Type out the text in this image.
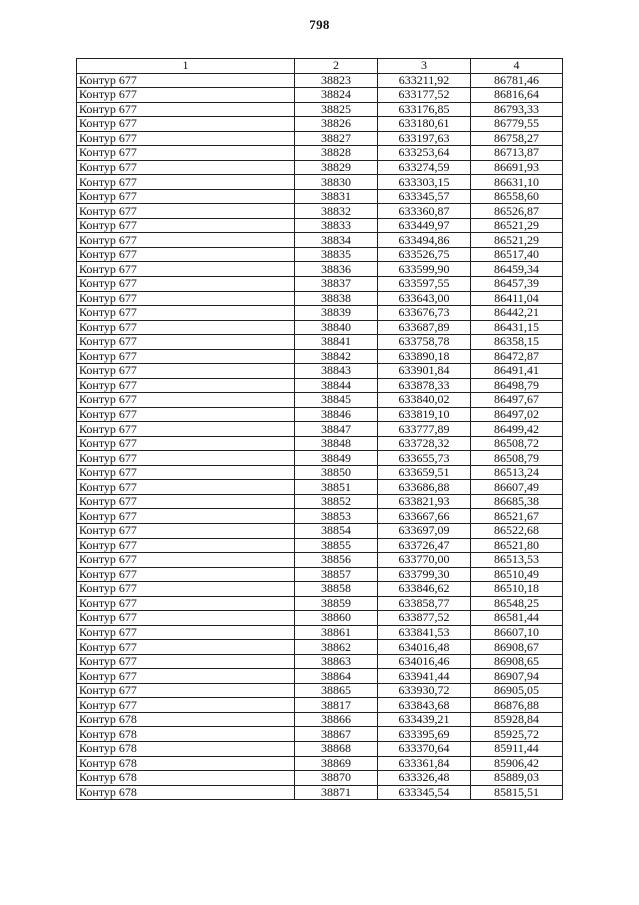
798
1	2	3	4
Контур 677	38823	633211,92	86781,46
Контур 677	38824	633177,52	86816,64
Контур 677	38825	633176,85	86793,33
Контур 677	38826	633180,61	86779,55
Контур 677	38827	633197,63	86758,27
Контур 677	38828	633253,64	86713,87
Контур 677	38829	633274,59	86691,93
Контур 677	38830	633303,15	86631,10
Контур 677	38831	633345,57	86558,60
Контур 677	38832	633360,87	86526,87
Контур 677	38833	633449,97	86521,29
Контур 677	38834	633494,86	86521,29
Контур 677	38835	633526,75	86517,40
Контур 677	38836	633599,90	86459,34
Контур 677	38837	633597,55	86457,39
Контур 677	38838	633643,00	86411,04
Контур 677	38839	633676,73	86442,21
Контур 677	38840	633687,89	86431,15
Контур 677	38841	633758,78	86358,15
Контур 677	38842	633890,18	86472,87
Контур 677	38843	633901,84	86491,41
Контур 677	38844	633878,33	86498,79
Контур 677	38845	633840,02	86497,67
Контур 677	38846	633819,10	86497,02
Контур 677	38847	633777,89	86499,42
Контур 677	38848	633728,32	86508,72
Контур 677	38849	633655,73	86508,79
Контур 677	38850	633659,51	86513,24
Контур 677	38851	633686,88	86607,49
Контур 677	38852	633821,93	86685,38
Контур 677	38853	633667,66	86521,67
Контур 677	38854	633697,09	86522,68
Контур 677	38855	633726,47	86521,80
Контур 677	38856	633770,00	86513,53
Контур 677	38857	633799,30	86510,49
Контур 677	38858	633846,62	86510,18
Контур 677	38859	633858,77	86548,25
Контур 677	38860	633877,52	86581,44
Контур 677	38861	633841,53	86607,10
Контур 677	38862	634016,48	86908,67
Контур 677	38863	634016,46	86908,65
Контур 677	38864	633941,44	86907,94
Контур 677	38865	633930,72	86905,05
Контур 677	38817	633843,68	86876,88
Контур 678	38866	633439,21	85928,84
Контур 678	38867	633395,69	85925,72
Контур 678	38868	633370,64	85911,44
Контур 678	38869	633361,84	85906,42
Контур 678	38870	633326,48	85889,03
Контур 678	38871	633345,54	85815,51
